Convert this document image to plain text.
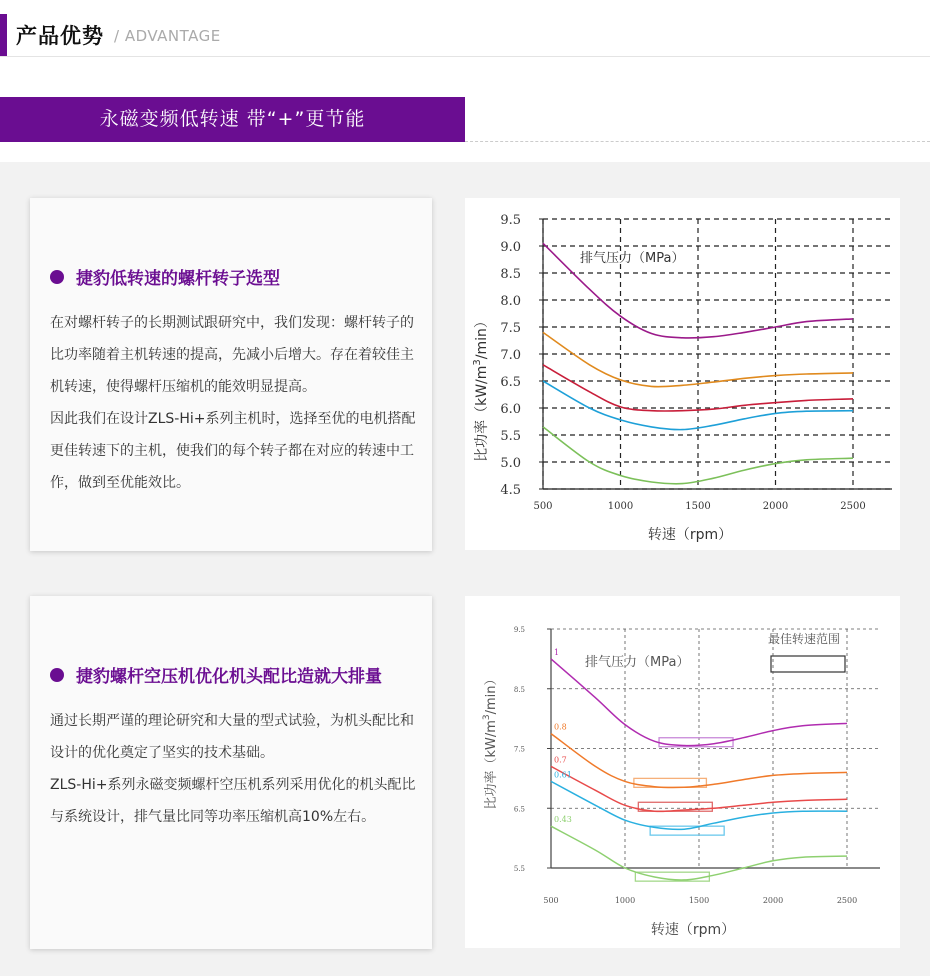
产品优势 / ADVANTAGE
永磁变频低转速 带“+”更节能
捷豹低转速的螺杆转子选型

在对螺杆转子的长期测试跟研究中，我们发现：螺杆转子的比功率随着主机转速的提高，先减小后增大。存在着较佳主机转速，使得螺杆压缩机的能效明显提高。

因此我们在设计ZLS-Hi+系列主机时，选择至优的电机搭配更佳转速下的主机，使我们的每个转子都在对应的转速中工作，做到至优能效比。

排气压力（MPa）
转速（rpm）
比功率$(kW/m^3/\min)$
4.5
5.0
5.5
6.0
6.5
7.0
7.5
8.0
8.5
9.0
9.5
500	1000	1500	2000	2500
捷豹螺杆空压机优化机头配比造就大排量

通过长期严谨的理论研究和大量的型式试验，为机头配比和设计的优化奠定了坚实的技术基础。

ZLS-Hi+系列永磁变频螺杆空压机系列采用优化的机头配比与系统设计，排气量比同等功率压缩机高10%左右。

排气压力（MPa）
最佳转速范围
转速（rpm）
比功率$(kW/m^3/\min)$
5.5
6.5
7.5
8.5
9.5
500	1000	1500	2000	2500
1
0.8
0.7
0.61
0.43
